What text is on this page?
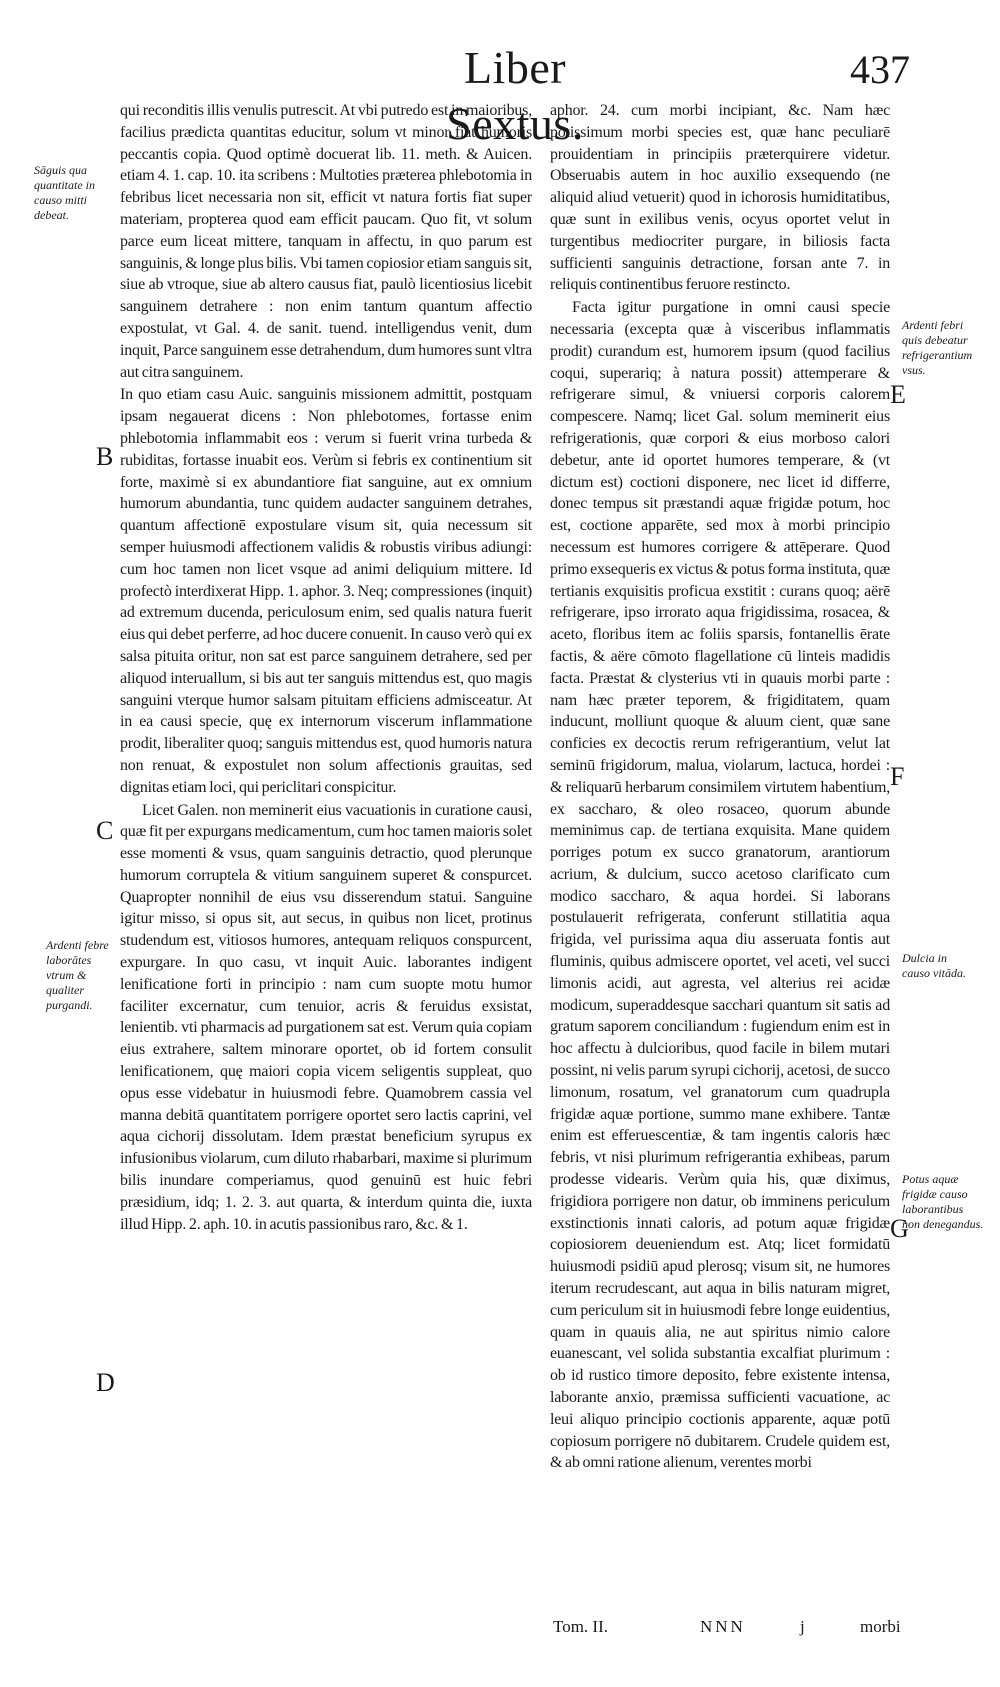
Liber Sextus.
437

qui reconditis illis venulis putrescit. At vbi putredo est in maioribus, facilius prædicta quantitas educitur, solum vt minor fiat humoris peccantis copia. Quod optimè docuerat lib. 11. meth. & Auicen. etiam 4. 1. cap. 10. ita scribens : Multoties præterea phlebotomia in febribus licet necessaria non sit, efficit vt natura fortis fiat super materiam, propterea quod eam efficit paucam. Quo fit, vt solum parce eum liceat mittere, tanquam in affectu, in quo parum est sanguinis, & longe plus bilis. Vbi tamen copiosior etiam sanguis sit, siue ab vtroque, siue ab altero causus fiat, paulò licentiosius licebit sanguinem detrahere : non enim tantum quantum affectio expostulat, vt Gal. 4. de sanit. tuend. intelligendus venit, dum inquit, Parce sanguinem esse detrahendum, dum humores sunt vltra aut citra sanguinem.

In quo etiam casu Auic. sanguinis missionem admittit, postquam ipsam negauerat dicens : Non phlebotomes, fortasse enim phlebotomia inflammabit eos : verum si fuerit vrina turbeda & rubiditas, fortasse inuabit eos. Verùm si febris ex continentium sit forte, maximè si ex abundantiore fiat sanguine, aut ex omnium humorum abundantia, tunc quidem audacter sanguinem detrahes, quantum affectionē expostulare visum sit, quia necessum sit semper huiusmodi affectionem validis & robustis viribus adiungi: cum hoc tamen non licet vsque ad animi deliquium mittere. Id profectò interdixerat Hipp. 1. aphor. 3. Neq; compressiones (inquit) ad extremum ducenda, periculosum enim, sed qualis natura fuerit eius qui debet perferre, ad hoc ducere conuenit. In causo verò qui ex salsa pituita oritur, non sat est parce sanguinem detrahere, sed per aliquod interuallum, si bis aut ter sanguis mittendus est, quo magis sanguini vterque humor salsam pituitam efficiens admisceatur. At in ea causi specie, quę ex internorum viscerum inflammatione prodit, liberaliter quoq; sanguis mittendus est, quod humoris natura non renuat, & expostulet non solum affectionis grauitas, sed dignitas etiam loci, qui periclitari conspicitur.

Licet Galen. non meminerit eius vacuationis in curatione causi, quæ fit per expurgans medicamentum, cum hoc tamen maioris solet esse momenti & vsus, quam sanguinis detractio, quod plerunque humorum corruptela & vitium sanguinem superet & conspurcet. Quapropter nonnihil de eius vsu disserendum statui. Sanguine igitur misso, si opus sit, aut secus, in quibus non licet, protinus studendum est, vitiosos humores, antequam reliquos conspurcent, expurgare. In quo casu, vt inquit Auic. laborantes indigent lenificatione forti in principio : nam cum suopte motu humor faciliter excernatur, cum tenuior, acris & feruidus exsistat, lenientib. vti pharmacis ad purgationem sat est. Verum quia copiam eius extrahere, saltem minorare oportet, ob id fortem consulit lenificationem, quę maiori copia vicem seligentis suppleat, quo opus esse videbatur in huiusmodi febre. Quamobrem cassia vel manna debitā quantitatem porrigere oportet sero lactis caprini, vel aqua cichorij dissolutam. Idem præstat beneficium syrupus ex infusionibus violarum, cum diluto rhabarbari, maxime si plurimum bilis inundare comperiamus, quod genuinū est huic febri præsidium, idq; 1. 2. 3. aut quarta, & interdum quinta die, iuxta illud Hipp. 2. aph. 10. in acutis passionibus raro, &c. & 1.

aphor. 24. cum morbi incipiant, &c. Nam hæc potissimum morbi species est, quæ hanc peculiarē prouidentiam in principiis præterquirere videtur. Obseruabis autem in hoc auxilio exsequendo (ne aliquid aliud vetuerit) quod in ichorosis humiditatibus, quæ sunt in exilibus venis, ocyus oportet velut in turgentibus mediocriter purgare, in biliosis facta sufficienti sanguinis detractione, forsan ante 7. in reliquis continentibus feruore restincto.

Facta igitur purgatione in omni causi specie necessaria (excepta quæ à visceribus inflammatis prodit) curandum est, humorem ipsum (quod facilius coqui, superariq; à natura possit) attemperare & refrigerare simul, & vniuersi corporis calorem compescere. Namq; licet Gal. solum meminerit eius refrigerationis, quæ corpori & eius morboso calori debetur, ante id oportet humores temperare, & (vt dictum est) coctioni disponere, nec licet id differre, donec tempus sit præstandi aquæ frigidæ potum, hoc est, coctione apparēte, sed mox à morbi principio necessum est humores corrigere & attēperare. Quod primo exsequeris ex victus & potus forma instituta, quæ tertianis exquisitis proficua exstitit : curans quoq; aërē refrigerare, ipso irrorato aqua frigidissima, rosacea, & aceto, floribus item ac foliis sparsis, fontanellis ērate factis, & aëre cōmoto flagellatione cū linteis madidis facta. Præstat & clysterius vti in quauis morbi parte : nam hæc præter teporem, & frigiditatem, quam inducunt, molliunt quoque & aluum cient, quæ sane conficies ex decoctis rerum refrigerantium, velut lat seminū frigidorum, malua, violarum, lactuca, hordei : & reliquarū herbarum consimilem virtutem habentium, ex saccharo, & oleo rosaceo, quorum abunde meminimus cap. de tertiana exquisita. Mane quidem porriges potum ex succo granatorum, arantiorum acrium, & dulcium, succo acetoso clarificato cum modico saccharo, & aqua hordei. Si laborans postulauerit refrigerata, conferunt stillatitia aqua frigida, vel purissima aqua diu asseruata fontis aut fluminis, quibus admiscere oportet, vel aceti, vel succi limonis acidi, aut agresta, vel alterius rei acidæ modicum, superaddesque sacchari quantum sit satis ad gratum saporem conciliandum : fugiendum enim est in hoc affectu à dulcioribus, quod facile in bilem mutari possint, ni velis parum syrupi cichorij, acetosi, de succo limonum, rosatum, vel granatorum cum quadrupla frigidæ aquæ portione, summo mane exhibere. Tantæ enim est efferuescentiæ, & tam ingentis caloris hæc febris, vt nisi plurimum refrigerantia exhibeas, parum prodesse videaris. Verùm quia his, quæ diximus, frigidiora porrigere non datur, ob imminens periculum exstinctionis innati caloris, ad potum aquæ frigidæ copiosiorem deueniendum est. Atq; licet formidatū huiusmodi psidiū apud plerosq; visum sit, ne humores iterum recrudescant, aut aqua in bilis naturam migret, cum periculum sit in huiusmodi febre longe euidentius, quam in quauis alia, ne aut spiritus nimio calore euanescant, vel solida substantia excalfiat plurimum : ob id rustico timore deposito, febre existente intensa, laborante anxio, præmissa sufficienti vacuatione, ac leui aliquo principio coctionis apparente, aquæ potū copiosum porrigere nō dubitarem. Crudele quidem est, & ab omni ratione alienum, verentes morbi

Sāguis qua quantitate in causo mitti debeat.
Ardenti febre laborātes vtrum & qualiter purgandi.
Ardenti febri quis debeatur refrigerantium vsus.
Dulcia in causo vitāda.
Potus aquæ frigidæ causo laborantibus non denegandus.
B
C
D
E
F
G
Tom. II.	NNN	j	morbi
